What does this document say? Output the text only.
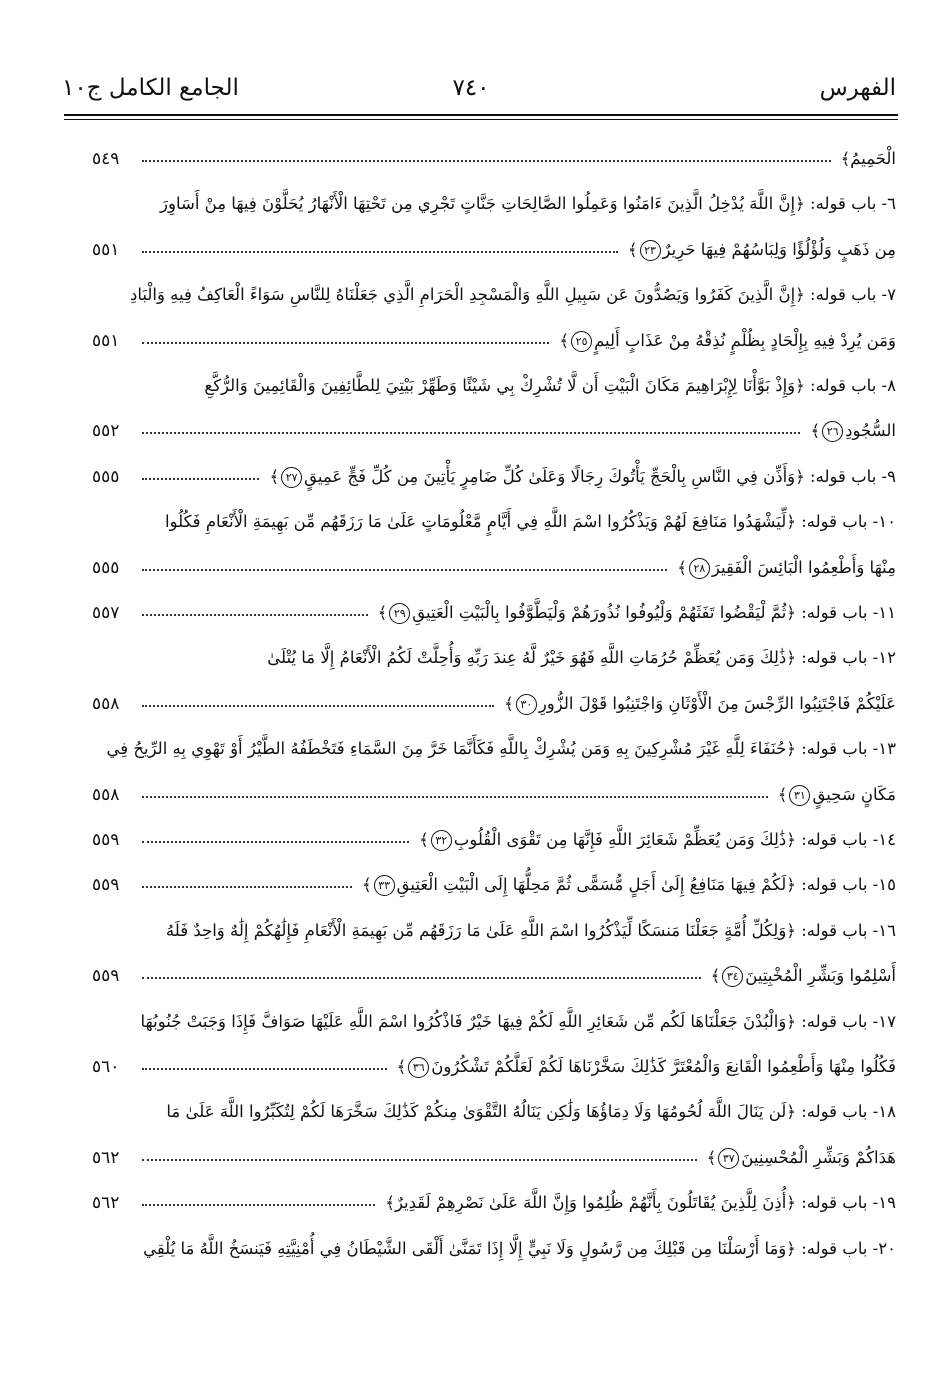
الفهرس
٧٤٠
الجامع الكامل ج١٠
الْحَمِيمُ﴾
٥٤٩
٦- باب قوله: ﴿إِنَّ اللَّهَ يُدْخِلُ الَّذِينَ ءَامَنُوا وَعَمِلُوا الصَّالِحَاتِ جَنَّاتٍ تَجْرِي مِن تَحْتِهَا الْأَنْهَارُ يُحَلَّوْنَ فِيهَا مِنْ أَسَاوِرَ
مِن ذَهَبٍ وَلُؤْلُؤًا وَلِبَاسُهُمْ فِيهَا حَرِيرٌ٢٣﴾
٥٥١
٧- باب قوله: ﴿إِنَّ الَّذِينَ كَفَرُوا وَيَصُدُّونَ عَن سَبِيلِ اللَّهِ وَالْمَسْجِدِ الْحَرَامِ الَّذِي جَعَلْنَاهُ لِلنَّاسِ سَوَاءً الْعَاكِفُ فِيهِ وَالْبَادِ
وَمَن يُرِدْ فِيهِ بِإِلْحَادٍ بِظُلْمٍ نُذِقْهُ مِنْ عَذَابٍ أَلِيمٍ٢٥﴾
٥٥١
٨- باب قوله: ﴿وَإِذْ بَوَّأْنَا لِإِبْرَاهِيمَ مَكَانَ الْبَيْتِ أَن لَّا تُشْرِكْ بِي شَيْئًا وَطَهِّرْ بَيْتِيَ لِلطَّائِفِينَ وَالْقَائِمِينَ وَالرُّكَّعِ
السُّجُودِ٢٦﴾
٥٥٢
٩- باب قوله: ﴿وَأَذِّن فِي النَّاسِ بِالْحَجِّ يَأْتُوكَ رِجَالًا وَعَلَىٰ كُلِّ ضَامِرٍ يَأْتِينَ مِن كُلِّ فَجٍّ عَمِيقٍ٢٧﴾
٥٥٥
١٠- باب قوله: ﴿لِّيَشْهَدُوا مَنَافِعَ لَهُمْ وَيَذْكُرُوا اسْمَ اللَّهِ فِي أَيَّامٍ مَّعْلُومَاتٍ عَلَىٰ مَا رَزَقَهُم مِّن بَهِيمَةِ الْأَنْعَامِ فَكُلُوا
مِنْهَا وَأَطْعِمُوا الْبَائِسَ الْفَقِيرَ٢٨﴾
٥٥٥
١١- باب قوله: ﴿ثُمَّ لْيَقْضُوا تَفَثَهُمْ وَلْيُوفُوا نُذُورَهُمْ وَلْيَطَّوَّفُوا بِالْبَيْتِ الْعَتِيقِ٢٩﴾
٥٥٧
١٢- باب قوله: ﴿ذَٰلِكَ وَمَن يُعَظِّمْ حُرُمَاتِ اللَّهِ فَهُوَ خَيْرٌ لَّهُ عِندَ رَبِّهِ وَأُحِلَّتْ لَكُمُ الْأَنْعَامُ إِلَّا مَا يُتْلَىٰ
عَلَيْكُمْ فَاجْتَنِبُوا الرِّجْسَ مِنَ الْأَوْثَانِ وَاجْتَنِبُوا قَوْلَ الزُّورِ٣٠﴾
٥٥٨
١٣- باب قوله: ﴿حُنَفَاءَ لِلَّهِ غَيْرَ مُشْرِكِينَ بِهِ وَمَن يُشْرِكْ بِاللَّهِ فَكَأَنَّمَا خَرَّ مِنَ السَّمَاءِ فَتَخْطَفُهُ الطَّيْرُ أَوْ تَهْوِي بِهِ الرِّيحُ فِي
مَكَانٍ سَحِيقٍ٣١﴾
٥٥٨
١٤- باب قوله: ﴿ذَٰلِكَ وَمَن يُعَظِّمْ شَعَائِرَ اللَّهِ فَإِنَّهَا مِن تَقْوَى الْقُلُوبِ٣٢﴾
٥٥٩
١٥- باب قوله: ﴿لَكُمْ فِيهَا مَنَافِعُ إِلَىٰ أَجَلٍ مُّسَمًّى ثُمَّ مَحِلُّهَا إِلَى الْبَيْتِ الْعَتِيقِ٣٣﴾
٥٥٩
١٦- باب قوله: ﴿وَلِكُلِّ أُمَّةٍ جَعَلْنَا مَنسَكًا لِّيَذْكُرُوا اسْمَ اللَّهِ عَلَىٰ مَا رَزَقَهُم مِّن بَهِيمَةِ الْأَنْعَامِ فَإِلَٰهُكُمْ إِلَٰهٌ وَاحِدٌ فَلَهُ
أَسْلِمُوا وَبَشِّرِ الْمُخْبِتِينَ٣٤﴾
٥٥٩
١٧- باب قوله: ﴿وَالْبُدْنَ جَعَلْنَاهَا لَكُم مِّن شَعَائِرِ اللَّهِ لَكُمْ فِيهَا خَيْرٌ فَاذْكُرُوا اسْمَ اللَّهِ عَلَيْهَا صَوَافَّ فَإِذَا وَجَبَتْ جُنُوبُهَا
فَكُلُوا مِنْهَا وَأَطْعِمُوا الْقَانِعَ وَالْمُعْتَرَّ كَذَٰلِكَ سَخَّرْنَاهَا لَكُمْ لَعَلَّكُمْ تَشْكُرُونَ٣٦﴾
٥٦٠
١٨- باب قوله: ﴿لَن يَنَالَ اللَّهَ لُحُومُهَا وَلَا دِمَاؤُهَا وَلَٰكِن يَنَالُهُ التَّقْوَىٰ مِنكُمْ كَذَٰلِكَ سَخَّرَهَا لَكُمْ لِتُكَبِّرُوا اللَّهَ عَلَىٰ مَا
هَدَاكُمْ وَبَشِّرِ الْمُحْسِنِينَ٣٧﴾
٥٦٢
١٩- باب قوله: ﴿أُذِنَ لِلَّذِينَ يُقَاتَلُونَ بِأَنَّهُمْ ظُلِمُوا وَإِنَّ اللَّهَ عَلَىٰ نَصْرِهِمْ لَقَدِيرٌ﴾
٥٦٢
٢٠- باب قوله: ﴿وَمَا أَرْسَلْنَا مِن قَبْلِكَ مِن رَّسُولٍ وَلَا نَبِيٍّ إِلَّا إِذَا تَمَنَّىٰ أَلْقَى الشَّيْطَانُ فِي أُمْنِيَّتِهِ فَيَنسَخُ اللَّهُ مَا يُلْقِي
